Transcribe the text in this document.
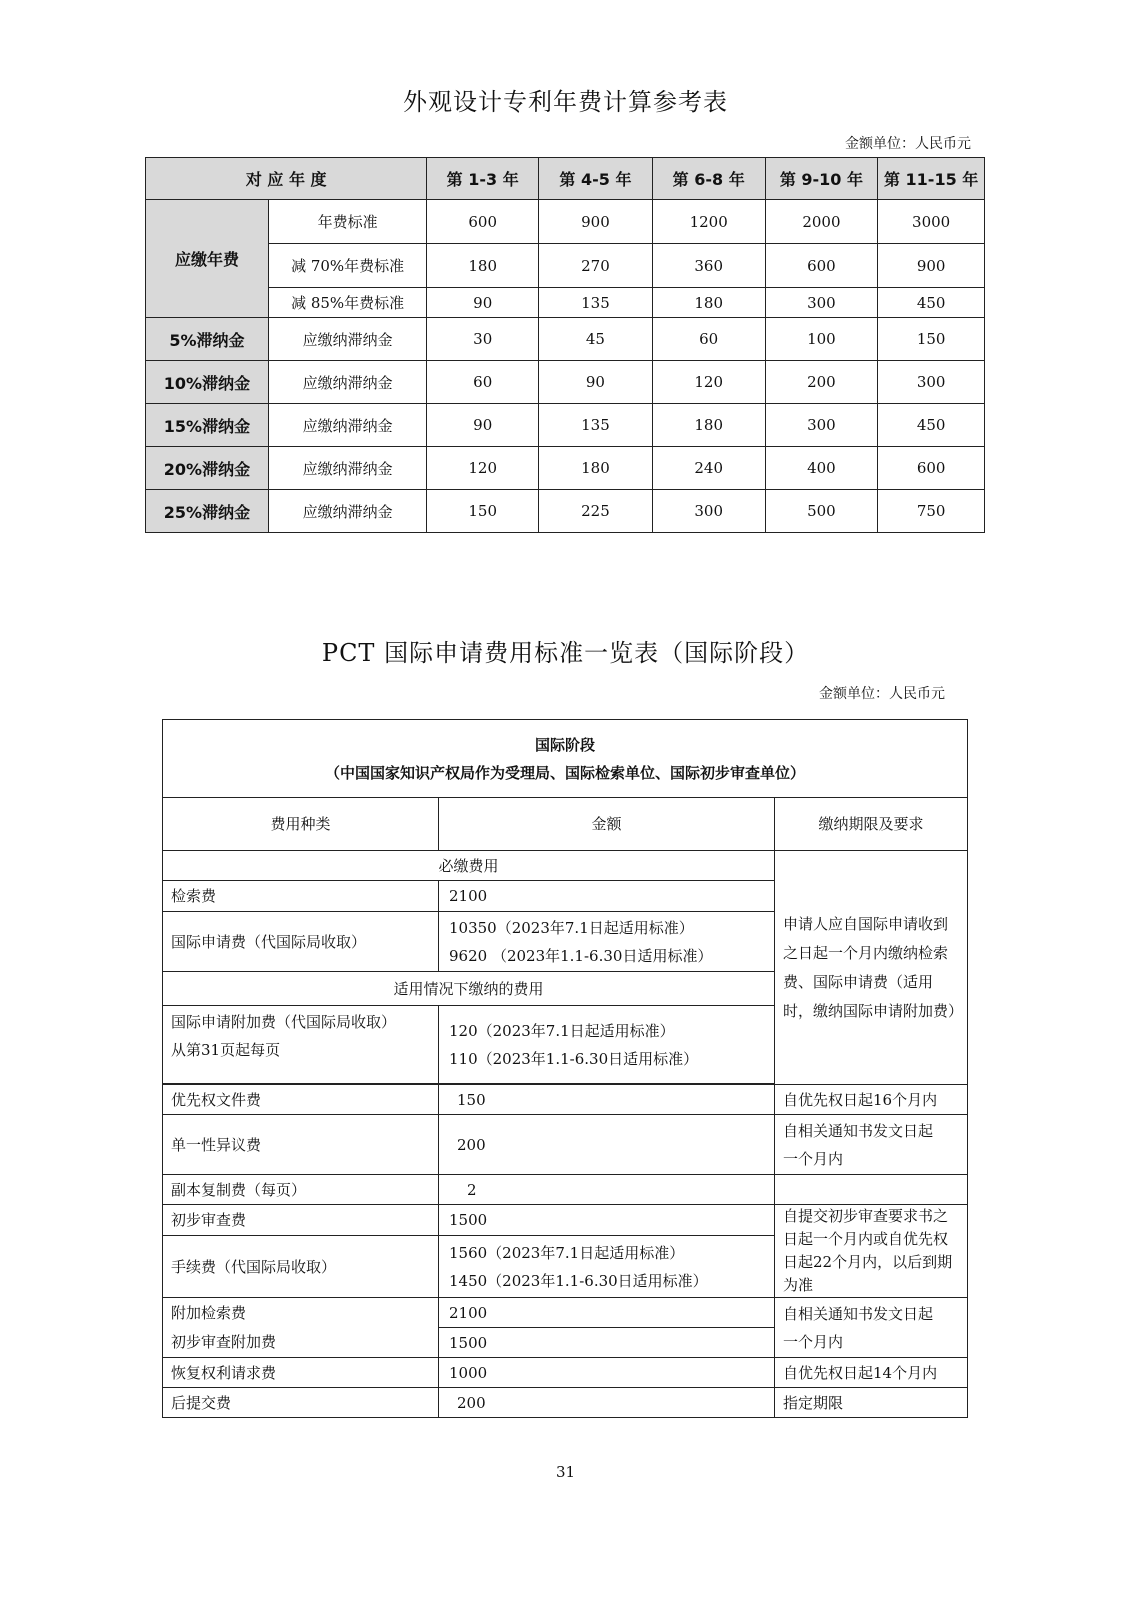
外观设计专利年费计算参考表
金额单位：人民币元
对 应 年 度		第 1-3 年	第 4-5 年	第 6-8 年	第 9-10 年	第 11-15 年
应缴年费	年费标准	600	900	1200	2000	3000
	减 70%年费标准	180	270	360	600	900
	减 85%年费标准	90	135	180	300	450
5%滞纳金	应缴纳滞纳金	30	45	60	100	150
10%滞纳金	应缴纳滞纳金	60	90	120	200	300
15%滞纳金	应缴纳滞纳金	90	135	180	300	450
20%滞纳金	应缴纳滞纳金	120	180	240	400	600
25%滞纳金	应缴纳滞纳金	150	225	300	500	750
PCT 国际申请费用标准一览表（国际阶段）
金额单位：人民币元
国际阶段
（中国国家知识产权局作为受理局、国际检索单位、国际初步审查单位）		

费用种类	金额	缴纳期限及要求
必缴费用		申请人应自国际申请收到之日起一个月内缴纳检索费、国际申请费（适用时，缴纳国际申请附加费）
检索费	2100	
国际申请费（代国际局收取）	10350（2023年7.1日起适用标准）
9620 （2023年1.1-6.30日适用标准）	

适用情况下缴纳的费用		

国际申请附加费（代国际局收取）
从第31页起每页	120（2023年7.1日起适用标准）
110（2023年1.1-6.30日适用标准）	

优先权文件费	150	自优先权日起16个月内
单一性异议费	200	自相关通知书发文日起
一个月内

副本复制费（每页）	2	
初步审查费	1500	自提交初步审查要求书之日起一个月内或自优先权日起22个月内，以后到期为准
手续费（代国际局收取）	1560（2023年7.1日起适用标准）
1450（2023年1.1-6.30日适用标准）	

附加检索费	2100	自相关通知书发文日起
一个月内

初步审查附加费	1500	
恢复权利请求费	1000	自优先权日起14个月内
后提交费	200	指定期限
31
